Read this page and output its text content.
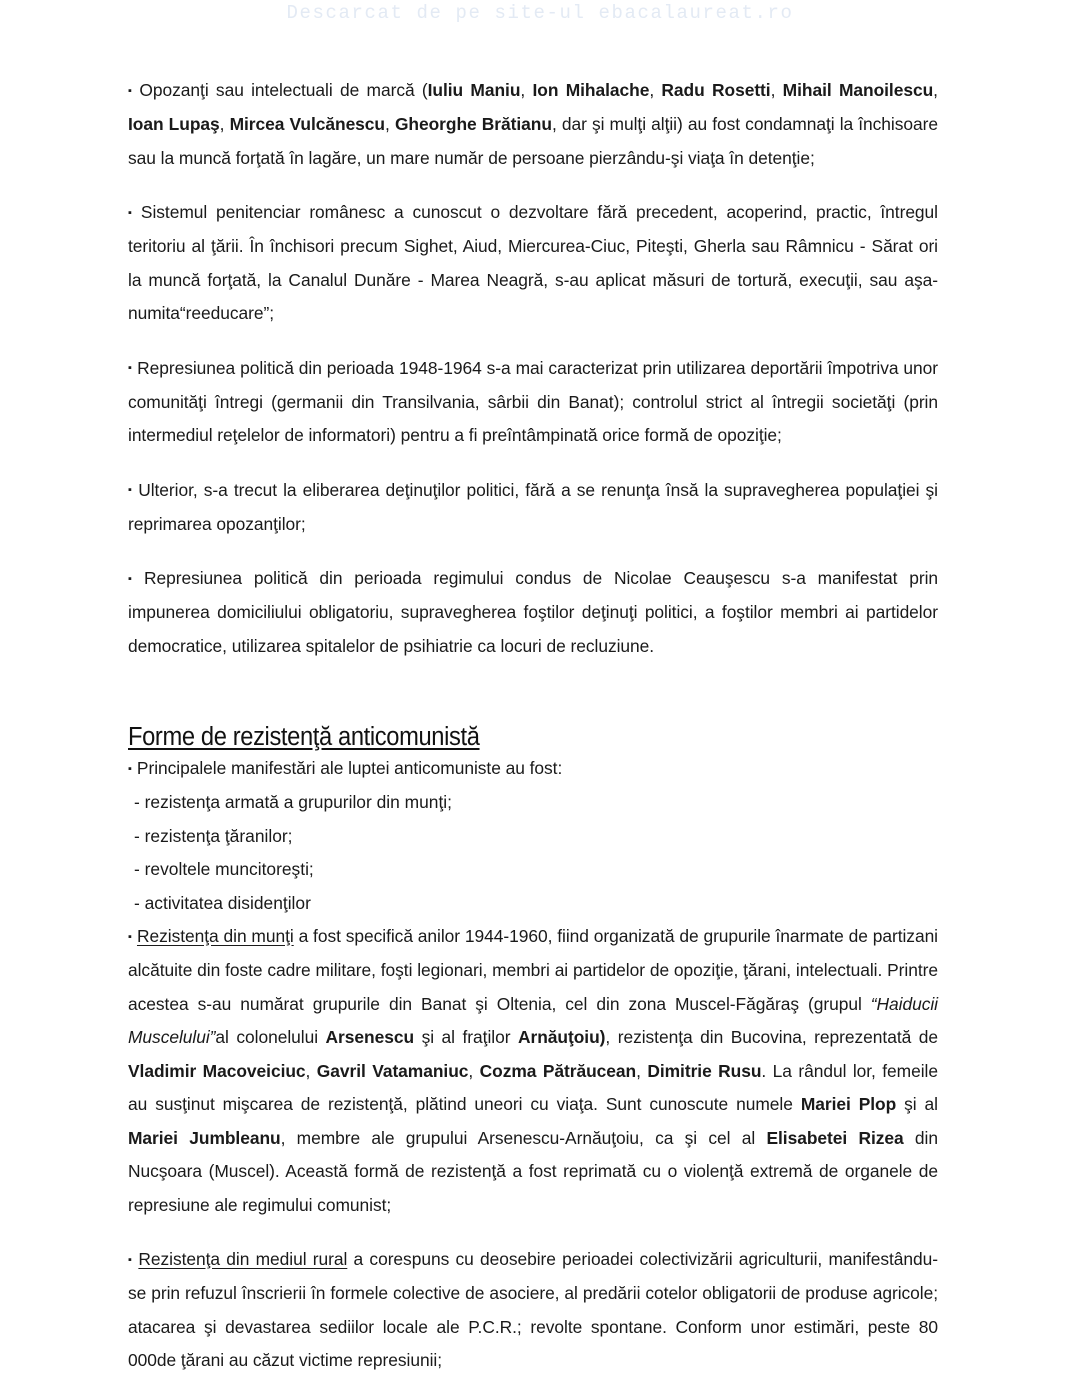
Descarcat de pe site-ul ebacalaureat.ro

▪ Opozanţi sau intelectuali de marcă (Iuliu Maniu, Ion Mihalache, Radu Rosetti, Mihail Manoilescu, Ioan Lupaş, Mircea Vulcănescu, Gheorghe Brătianu, dar şi mulţi alţii) au fost condamnaţi la închisoare sau la muncă forţată în lagăre, un mare număr de persoane pierzându-şi viaţa în detenţie;

▪ Sistemul penitenciar românesc a cunoscut o dezvoltare fără precedent, acoperind, practic, întregul teritoriu al ţării. În închisori precum Sighet, Aiud, Miercurea-Ciuc, Piteşti, Gherla sau Râmnicu - Sărat ori la muncă forţată, la Canalul Dunăre - Marea Neagră, s-au aplicat măsuri de tortură, execuţii, sau aşa-numita“reeducare”;

▪ Represiunea politică din perioada 1948-1964 s-a mai caracterizat prin utilizarea deportării împotriva unor comunităţi întregi (germanii din Transilvania, sârbii din Banat); controlul strict al întregii societăţi (prin intermediul reţelelor de informatori) pentru a fi preîntâmpinată orice formă de opoziţie;

▪ Ulterior, s-a trecut la eliberarea deţinuţilor politici, fără a se renunţa însă la supravegherea populaţiei şi reprimarea opozanţilor;

▪ Represiunea politică din perioada regimului condus de Nicolae Ceauşescu s-a manifestat prin impunerea domiciliului obligatoriu, supravegherea foştilor deţinuţi politici, a foştilor membri ai partidelor democratice, utilizarea spitalelor de psihiatrie ca locuri de recluziune.

Forme de rezistenţă anticomunistă

▪ Principalele manifestări ale luptei anticomuniste au fost:

- rezistenţa armată a grupurilor din munţi;

- rezistenţa ţăranilor;

- revoltele muncitoreşti;

- activitatea disidenţilor

▪ Rezistenţa din munţi a fost specifică anilor 1944-1960, fiind organizată de grupurile înarmate de partizani alcătuite din foste cadre militare, foşti legionari, membri ai partidelor de opoziţie, ţărani, intelectuali. Printre acestea s-au numărat grupurile din Banat şi Oltenia, cel din zona Muscel-Făgăraş (grupul “Haiducii Muscelului”al colonelului Arsenescu şi al fraţilor Arnăuţoiu), rezistenţa din Bucovina, reprezentată de Vladimir Macoveiciuc, Gavril Vatamaniuc, Cozma Pătrăucean, Dimitrie Rusu. La rândul lor, femeile au susţinut mişcarea de rezistenţă, plătind uneori cu viaţa. Sunt cunoscute numele Mariei Plop şi al Mariei Jumbleanu, membre ale grupului Arsenescu-Arnăuţoiu, ca şi cel al Elisabetei Rizea din Nucşoara (Muscel). Această formă de rezistenţă a fost reprimată cu o violenţă extremă de organele de represiune ale regimului comunist;

▪ Rezistenţa din mediul rural a corespuns cu deosebire perioadei colectivizării agriculturii, manifestându-se prin refuzul înscrierii în formele colective de asociere, al predării cotelor obligatorii de produse agricole; atacarea şi devastarea sediilor locale ale P.C.R.; revolte spontane. Conform unor estimări, peste 80 000de ţărani au căzut victime represiunii;
